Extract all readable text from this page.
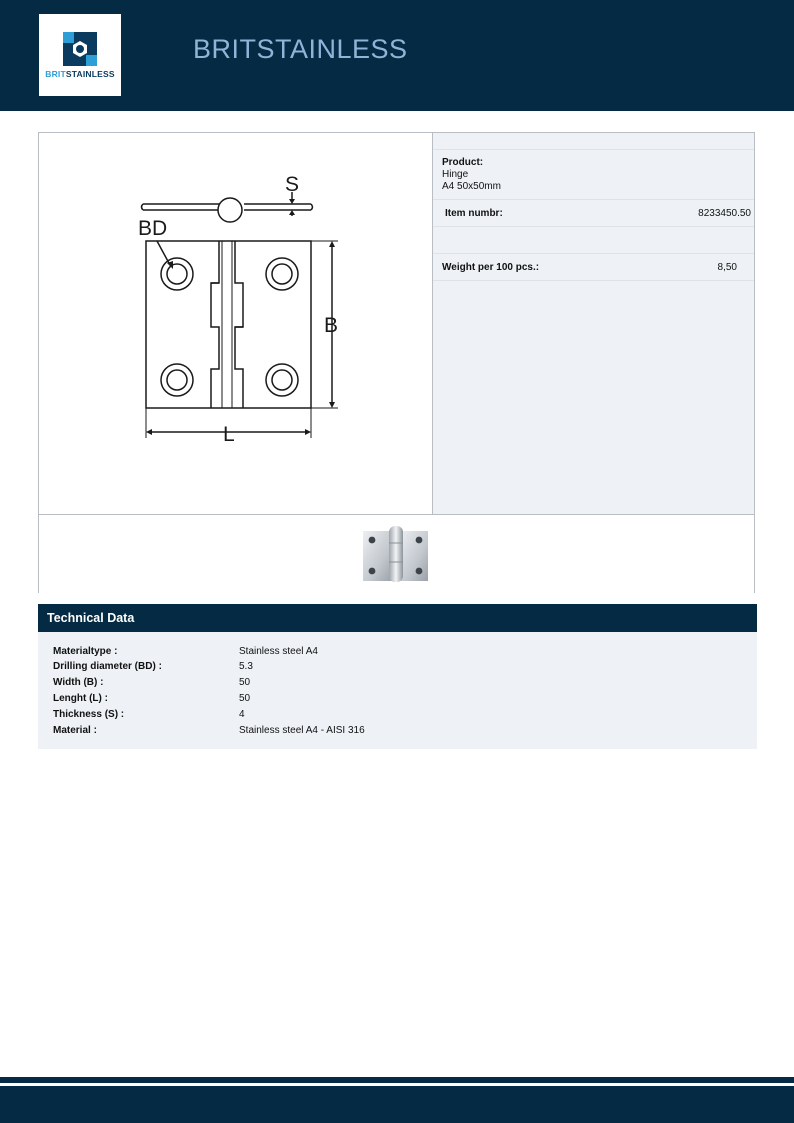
BRITSTAINLESS
BRITSTAINLESS
S
BD
B
L
Product:
Hinge
A4 50x50mm
Item numbr:	8233450.50
Weight per 100 pcs.:	8,50
Technical Data
Materialtype :	Stainless steel A4
Drilling diameter (BD) :	5.3
Width (B) :	50
Lenght (L) :	50
Thickness (S) :	4
Material :	Stainless steel A4 - AISI 316
